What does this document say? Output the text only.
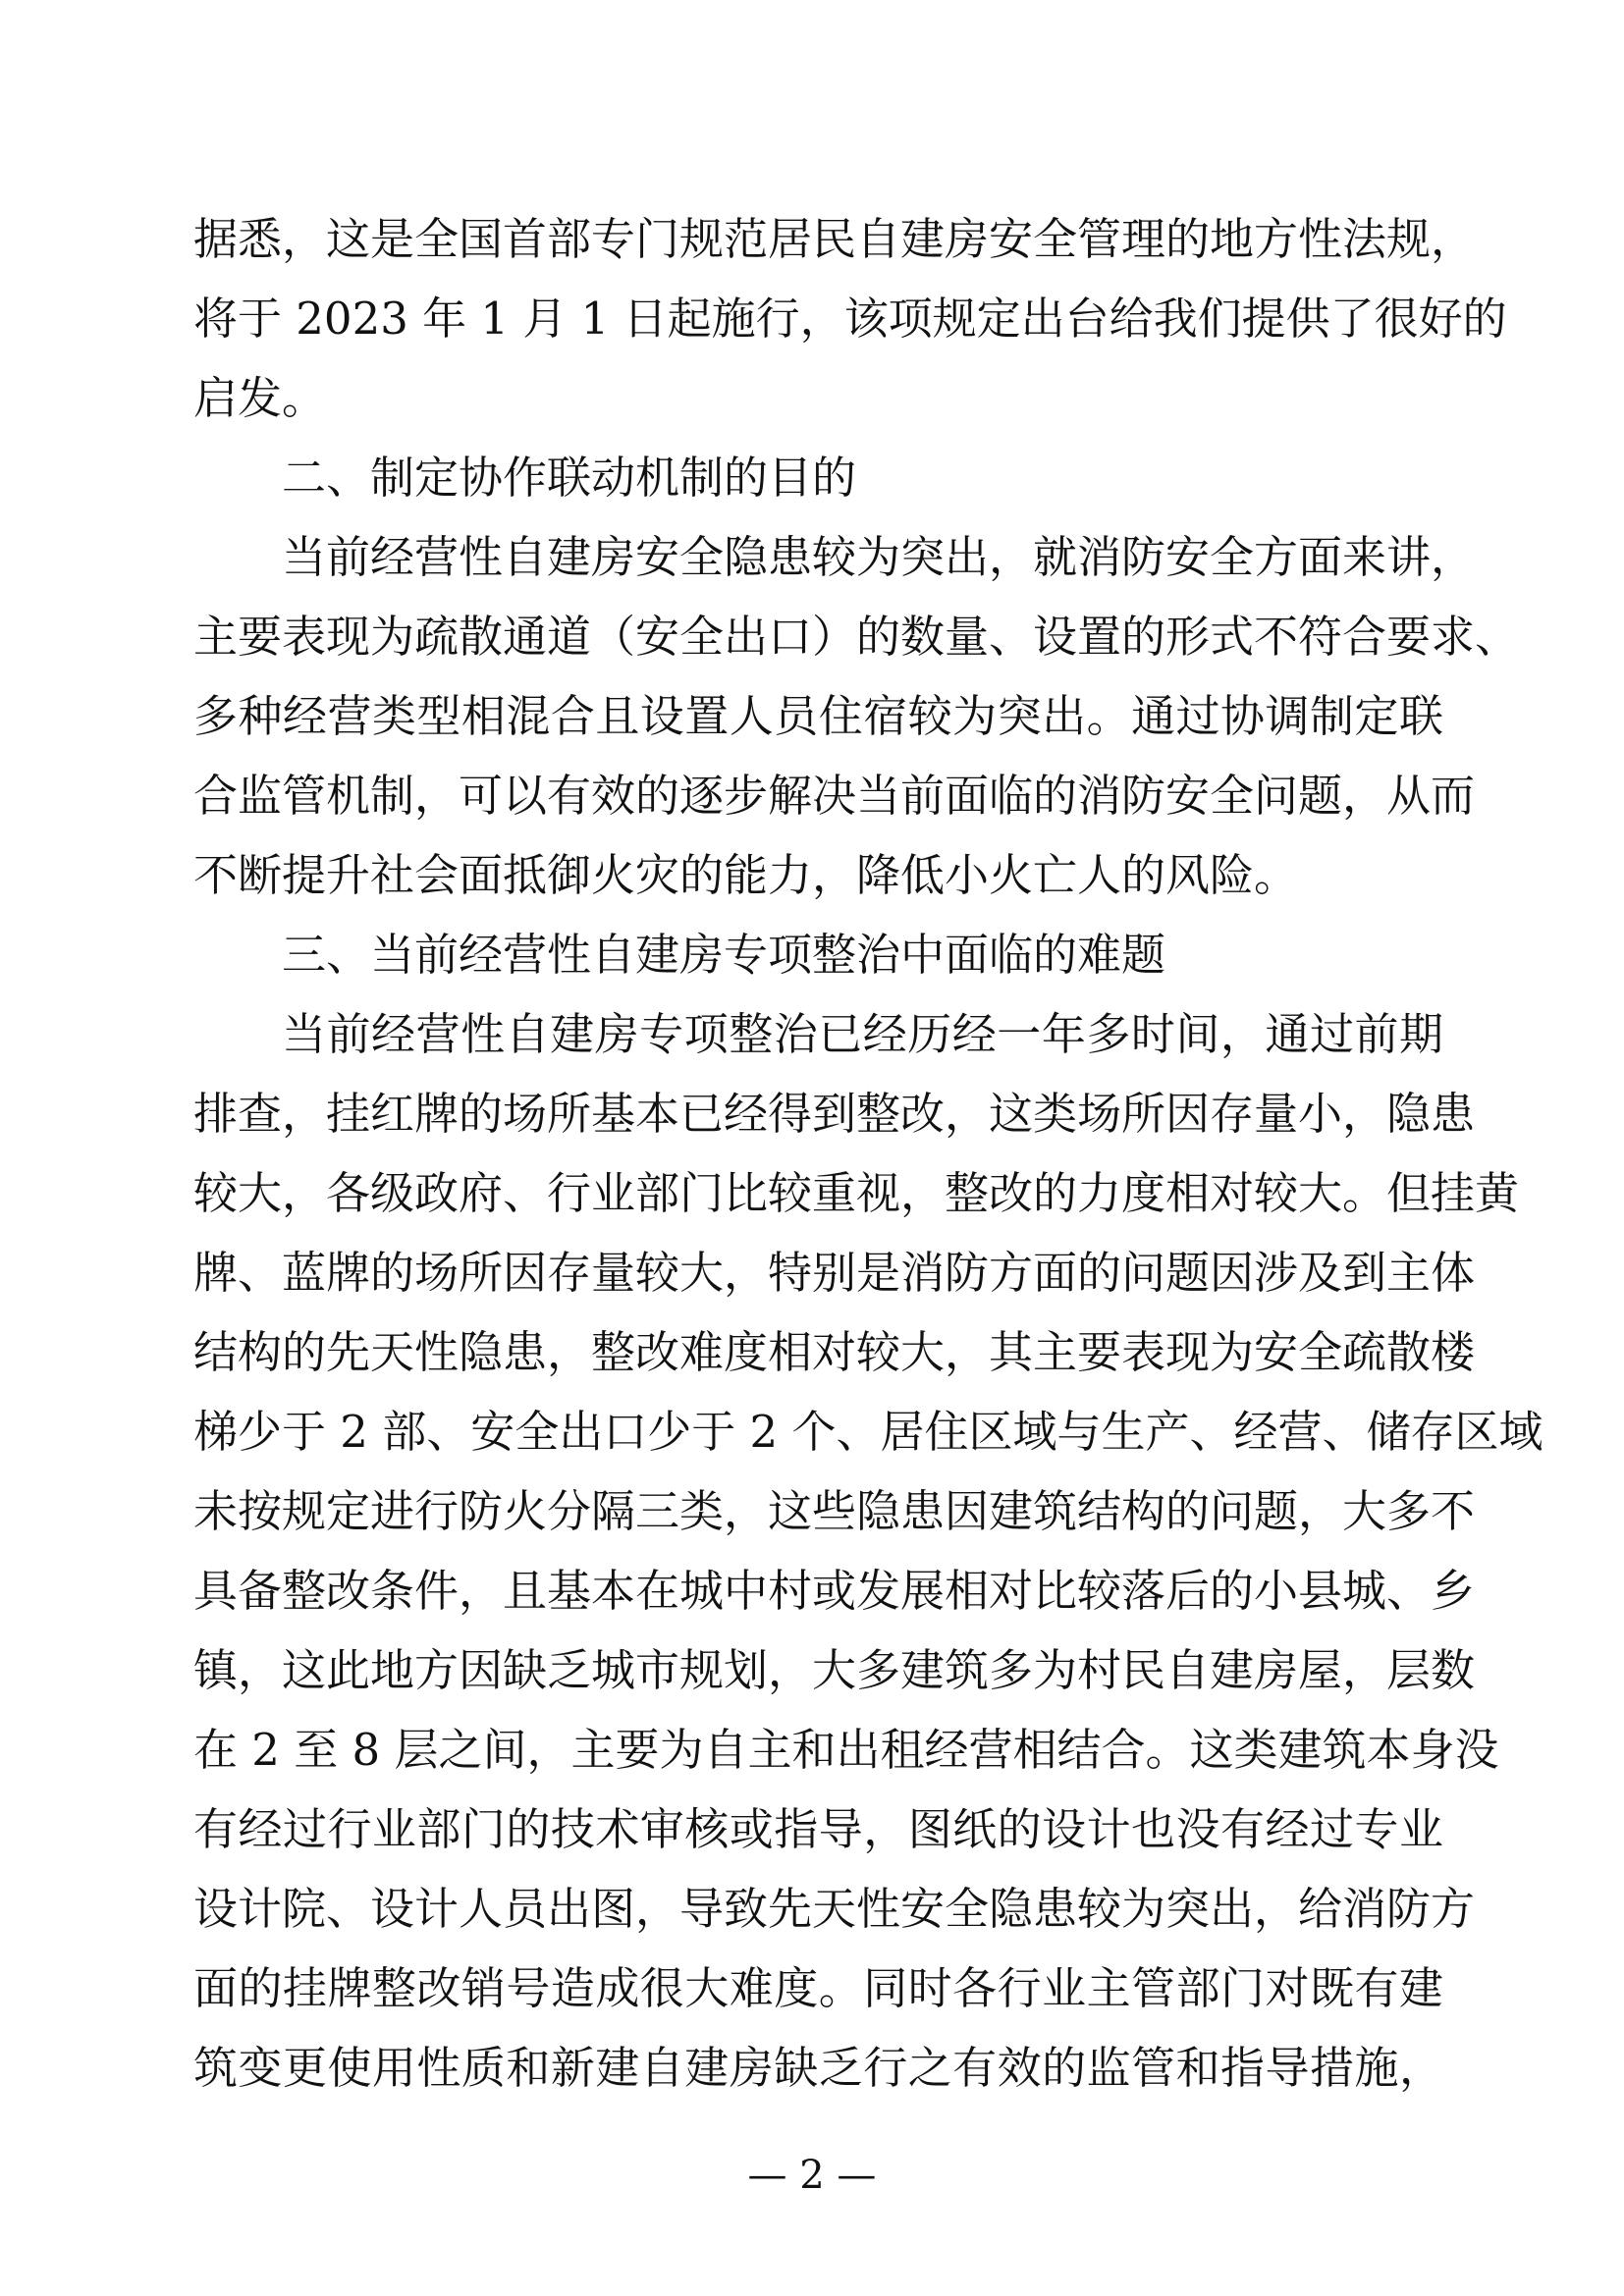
据悉，这是全国首部专门规范居民自建房安全管理的地方性法规，
将于 2023 年 1 月 1 日起施行，该项规定出台给我们提供了很好的
启发。
二、制定协作联动机制的目的
当前经营性自建房安全隐患较为突出，就消防安全方面来讲，
主要表现为疏散通道（安全出口）的数量、设置的形式不符合要求、
多种经营类型相混合且设置人员住宿较为突出。通过协调制定联
合监管机制，可以有效的逐步解决当前面临的消防安全问题，从而
不断提升社会面抵御火灾的能力，降低小火亡人的风险。
三、当前经营性自建房专项整治中面临的难题
当前经营性自建房专项整治已经历经一年多时间，通过前期
排查，挂红牌的场所基本已经得到整改，这类场所因存量小，隐患
较大，各级政府、行业部门比较重视，整改的力度相对较大。但挂黄
牌、蓝牌的场所因存量较大，特别是消防方面的问题因涉及到主体
结构的先天性隐患，整改难度相对较大，其主要表现为安全疏散楼
梯少于 2 部、安全出口少于 2 个、居住区域与生产、经营、储存区域
未按规定进行防火分隔三类，这些隐患因建筑结构的问题，大多不
具备整改条件，且基本在城中村或发展相对比较落后的小县城、乡
镇，这此地方因缺乏城市规划，大多建筑多为村民自建房屋，层数
在 2 至 8 层之间，主要为自主和出租经营相结合。这类建筑本身没
有经过行业部门的技术审核或指导，图纸的设计也没有经过专业
设计院、设计人员出图，导致先天性安全隐患较为突出，给消防方
面的挂牌整改销号造成很大难度。同时各行业主管部门对既有建
筑变更使用性质和新建自建房缺乏行之有效的监管和指导措施，
— 2 —
